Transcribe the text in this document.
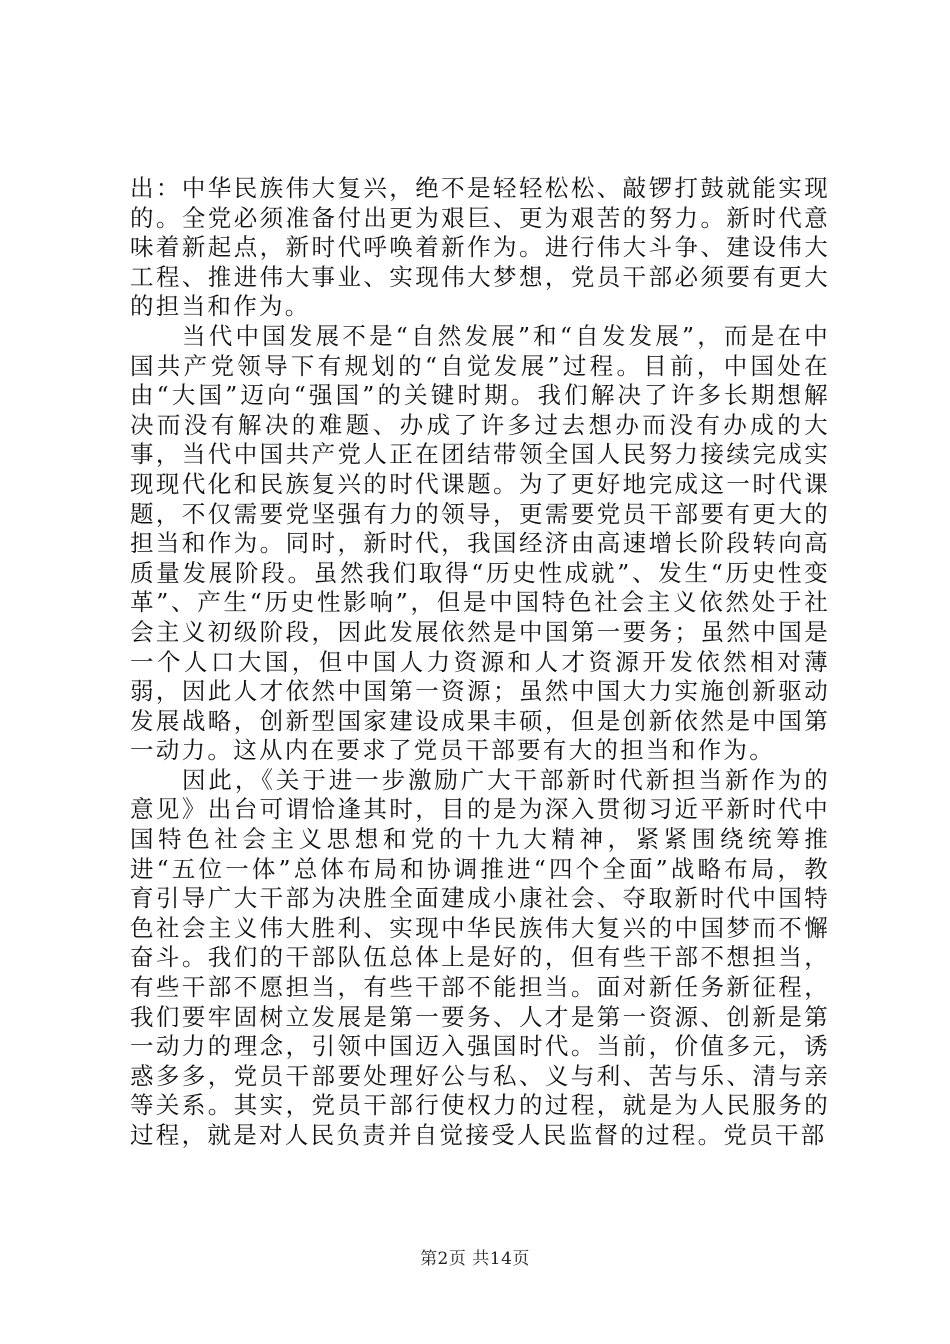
出：中华民族伟大复兴，绝不是轻轻松松、敲锣打鼓就能实现的。全党必须准备付出更为艰巨、更为艰苦的努力。新时代意味着新起点，新时代呼唤着新作为。进行伟大斗争、建设伟大工程、推进伟大事业、实现伟大梦想，党员干部必须要有更大的担当和作为。

当代中国发展不是“自然发展”和“自发发展”，而是在中国共产党领导下有规划的“自觉发展”过程。目前，中国处在由“大国”迈向“强国”的关键时期。我们解决了许多长期想解决而没有解决的难题、办成了许多过去想办而没有办成的大事，当代中国共产党人正在团结带领全国人民努力接续完成实现现代化和民族复兴的时代课题。为了更好地完成这一时代课题，不仅需要党坚强有力的领导，更需要党员干部要有更大的担当和作为。同时，新时代，我国经济由高速增长阶段转向高质量发展阶段。虽然我们取得“历史性成就”、发生“历史性变革”、产生“历史性影响”，但是中国特色社会主义依然处于社会主义初级阶段，因此发展依然是中国第一要务；虽然中国是一个人口大国，但中国人力资源和人才资源开发依然相对薄弱，因此人才依然中国第一资源；虽然中国大力实施创新驱动发展战略，创新型国家建设成果丰硕，但是创新依然是中国第一动力。这从内在要求了党员干部要有大的担当和作为。

因此，《关于进一步激励广大干部新时代新担当新作为的意见》出台可谓恰逢其时，目的是为深入贯彻习近平新时代中国特色社会主义思想和党的十九大精神，紧紧围绕统筹推进“五位一体”总体布局和协调推进“四个全面”战略布局，教育引导广大干部为决胜全面建成小康社会、夺取新时代中国特色社会主义伟大胜利、实现中华民族伟大复兴的中国梦而不懈奋斗。我们的干部队伍总体上是好的，但有些干部不想担当，有些干部不愿担当，有些干部不能担当。面对新任务新征程，我们要牢固树立发展是第一要务、人才是第一资源、创新是第一动力的理念，引领中国迈入强国时代。当前，价值多元，诱惑多多，党员干部要处理好公与私、义与利、苦与乐、清与亲等关系。其实，党员干部行使权力的过程，就是为人民服务的过程，就是对人民负责并自觉接受人民监督的过程。党员干部

第2页 共14页
